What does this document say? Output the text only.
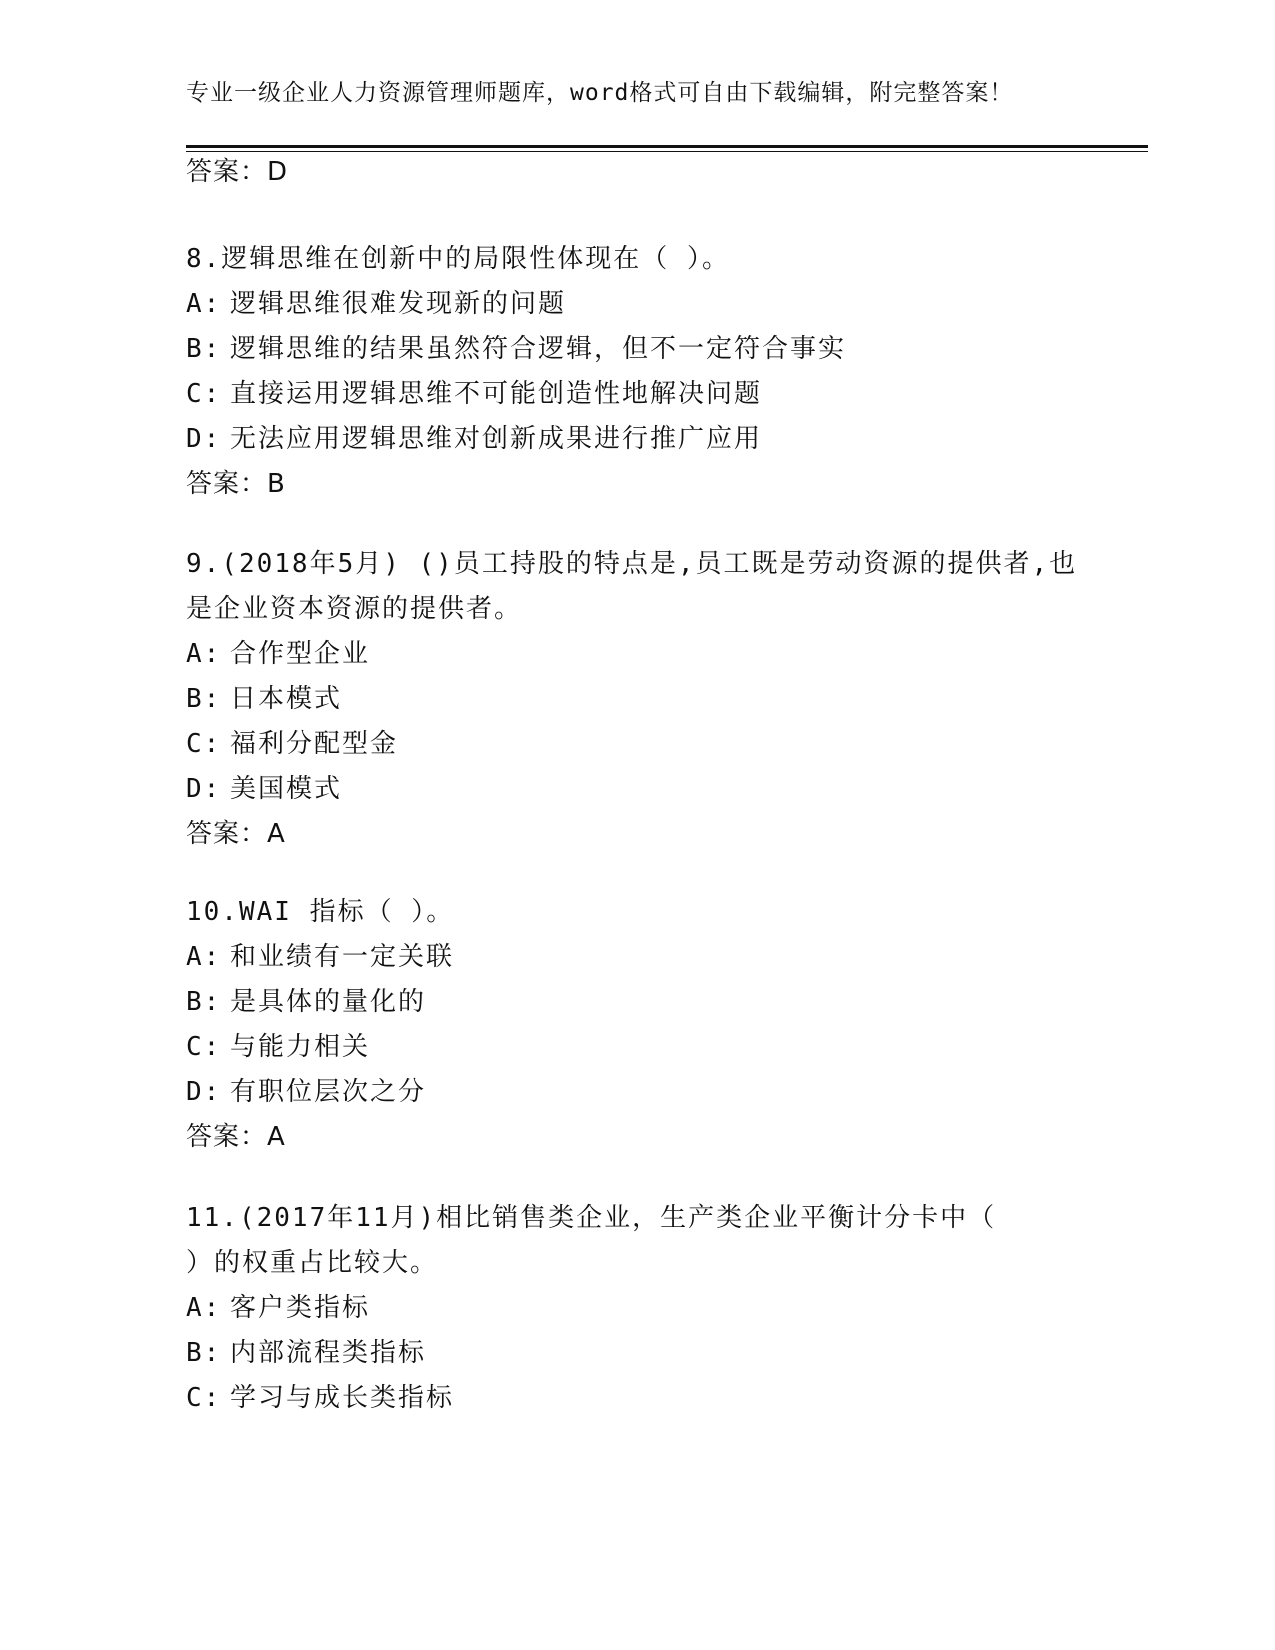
专业一级企业人力资源管理师题库，word格式可自由下载编辑，附完整答案！
答案：D
8.逻辑思维在创新中的局限性体现在（ ）。
A: 逻辑思维很难发现新的问题
B: 逻辑思维的结果虽然符合逻辑，但不一定符合事实
C: 直接运用逻辑思维不可能创造性地解决问题
D: 无法应用逻辑思维对创新成果进行推广应用
答案：B
9.(2018年5月) ()员工持股的特点是,员工既是劳动资源的提供者,也
是企业资本资源的提供者。
A: 合作型企业
B: 日本模式
C: 福利分配型金
D: 美国模式
答案：A
10.WAI 指标（ ）。
A: 和业绩有一定关联
B: 是具体的量化的
C: 与能力相关
D: 有职位层次之分
答案：A
11.(2017年11月)相比销售类企业，生产类企业平衡计分卡中（
）的权重占比较大。
A: 客户类指标
B: 内部流程类指标
C: 学习与成长类指标
